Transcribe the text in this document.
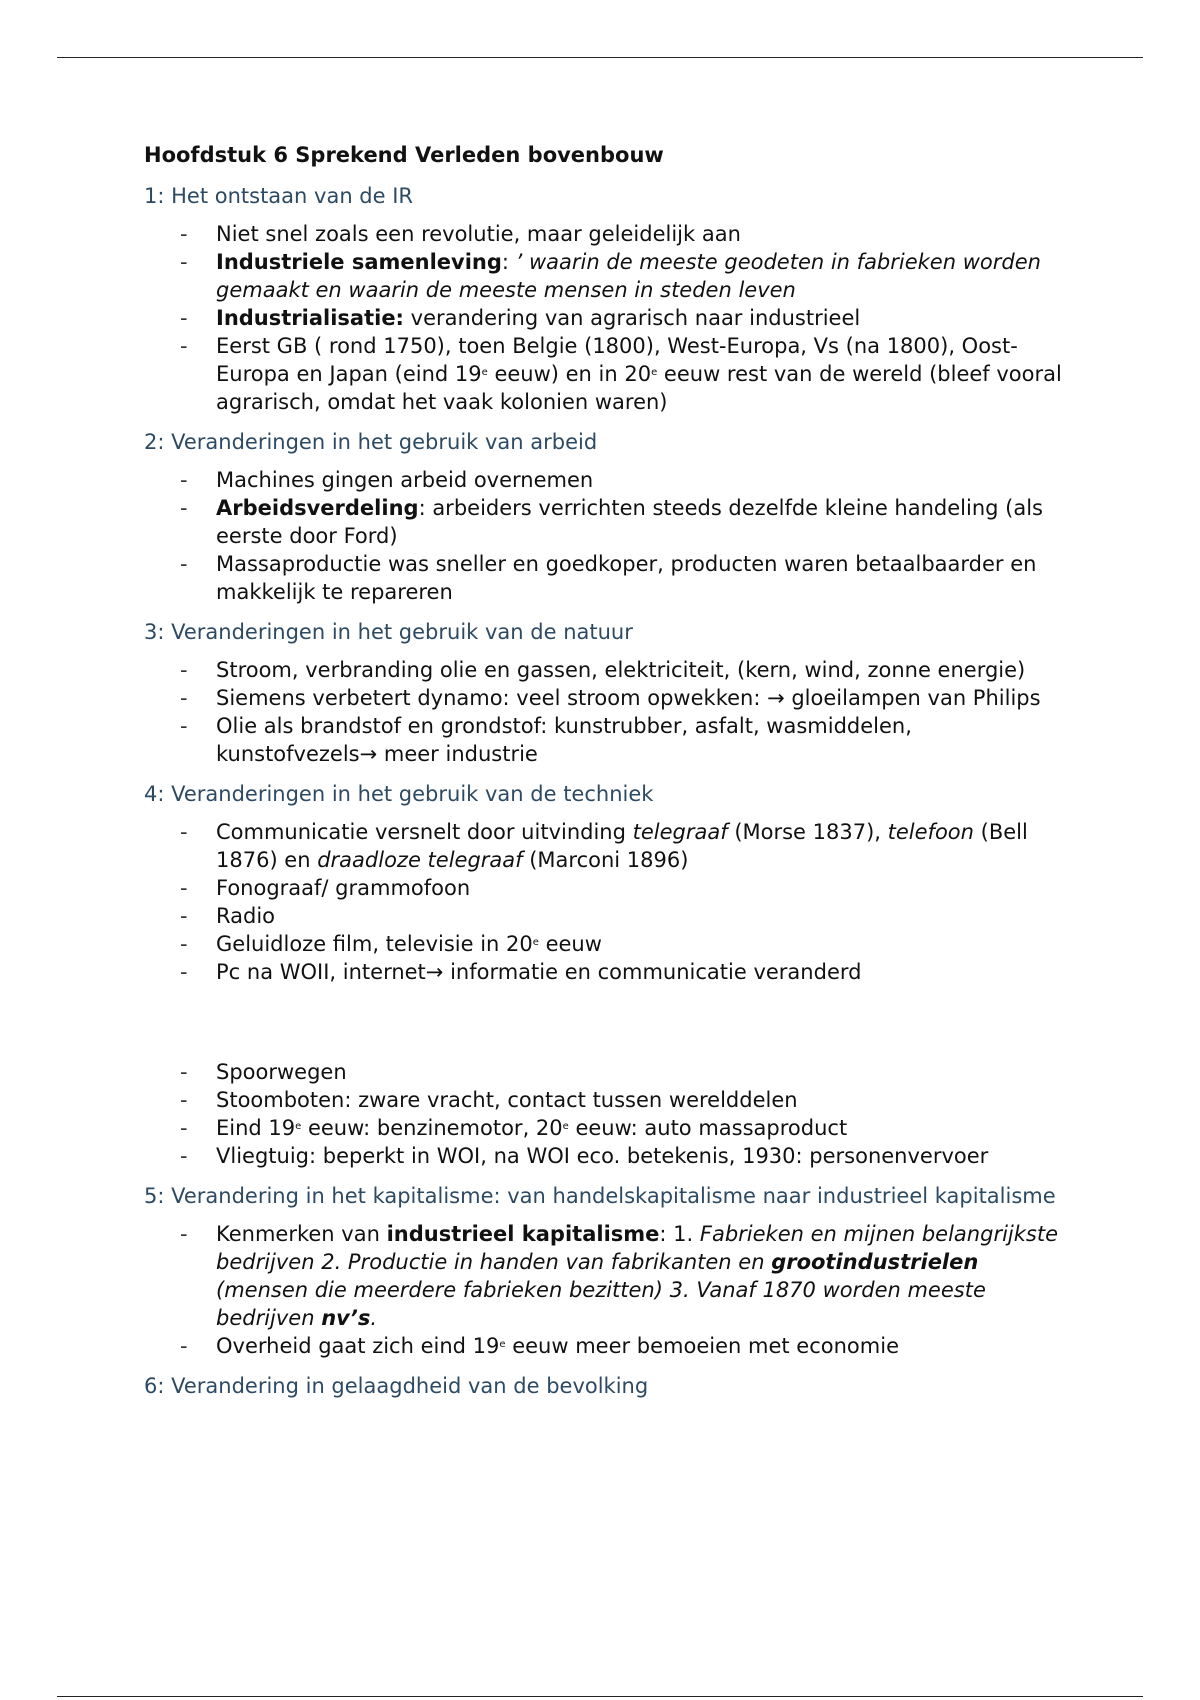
Hoofdstuk 6 Sprekend Verleden bovenbouw
1: Het ontstaan van de IR
- Niet snel zoals een revolutie, maar geleidelijk aan
- Industriele samenleving: ’ waarin de meeste geodeten in fabrieken worden gemaakt en waarin de meeste mensen in steden leven
- Industrialisatie: verandering van agrarisch naar industrieel
- Eerst GB ( rond 1750), toen Belgie (1800), West-Europa, Vs (na 1800), Oost-Europa en Japan (eind 19e eeuw) en in 20e eeuw rest van de wereld (bleef vooral agrarisch, omdat het vaak kolonien waren)
2: Veranderingen in het gebruik van arbeid
- Machines gingen arbeid overnemen
- Arbeidsverdeling: arbeiders verrichten steeds dezelfde kleine handeling (als eerste door Ford)
- Massaproductie was sneller en goedkoper, producten waren betaalbaarder en makkelijk te repareren
3: Veranderingen in het gebruik van de natuur
- Stroom, verbranding olie en gassen, elektriciteit, (kern, wind, zonne energie)
- Siemens verbetert dynamo: veel stroom opwekken: → gloeilampen van Philips
- Olie als brandstof en grondstof: kunstrubber, asfalt, wasmiddelen, kunstofvezels→ meer industrie
4: Veranderingen in het gebruik van de techniek
- Communicatie versnelt door uitvinding telegraaf (Morse 1837), telefoon (Bell 1876) en draadloze telegraaf (Marconi 1896)
- Fonograaf/ grammofoon
- Radio
- Geluidloze film, televisie in 20e eeuw
- Pc na WOII, internet→ informatie en communicatie veranderd
- Spoorwegen
- Stoomboten: zware vracht, contact tussen werelddelen
- Eind 19e eeuw: benzinemotor, 20e eeuw: auto massaproduct
- Vliegtuig: beperkt in WOI, na WOI eco. betekenis, 1930: personenvervoer
5: Verandering in het kapitalisme: van handelskapitalisme naar industrieel kapitalisme
- Kenmerken van industrieel kapitalisme: 1. Fabrieken en mijnen belangrijkste bedrijven 2. Productie in handen van fabrikanten en grootindustrielen (mensen die meerdere fabrieken bezitten) 3. Vanaf 1870 worden meeste bedrijven nv’s.
- Overheid gaat zich eind 19e eeuw meer bemoeien met economie
6: Verandering in gelaagdheid van de bevolking
